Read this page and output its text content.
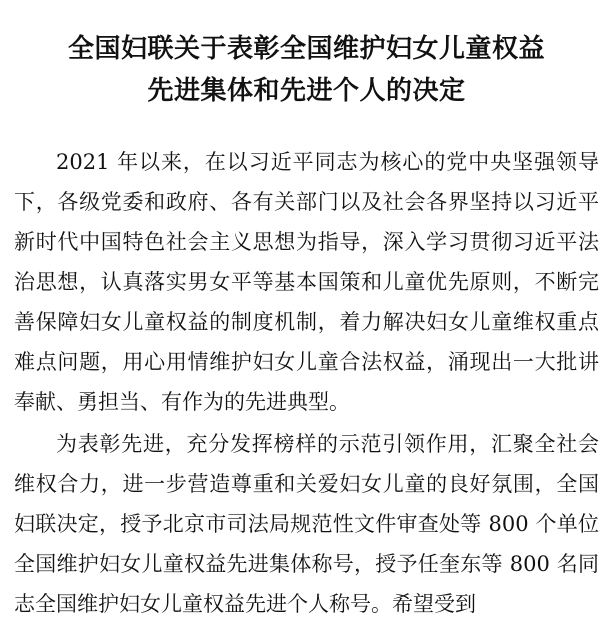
全国妇联关于表彰全国维护妇女儿童权益
先进集体和先进个人的决定

2021 年以来，在以习近平同志为核心的党中央坚强领导下，各级党委和政府、各有关部门以及社会各界坚持以习近平新时代中国特色社会主义思想为指导，深入学习贯彻习近平法治思想，认真落实男女平等基本国策和儿童优先原则，不断完善保障妇女儿童权益的制度机制，着力解决妇女儿童维权重点难点问题，用心用情维护妇女儿童合法权益，涌现出一大批讲奉献、勇担当、有作为的先进典型。

为表彰先进，充分发挥榜样的示范引领作用，汇聚全社会维权合力，进一步营造尊重和关爱妇女儿童的良好氛围，全国妇联决定，授予北京市司法局规范性文件审查处等 800 个单位全国维护妇女儿童权益先进集体称号，授予任奎东等 800 名同志全国维护妇女儿童权益先进个人称号。希望受到
